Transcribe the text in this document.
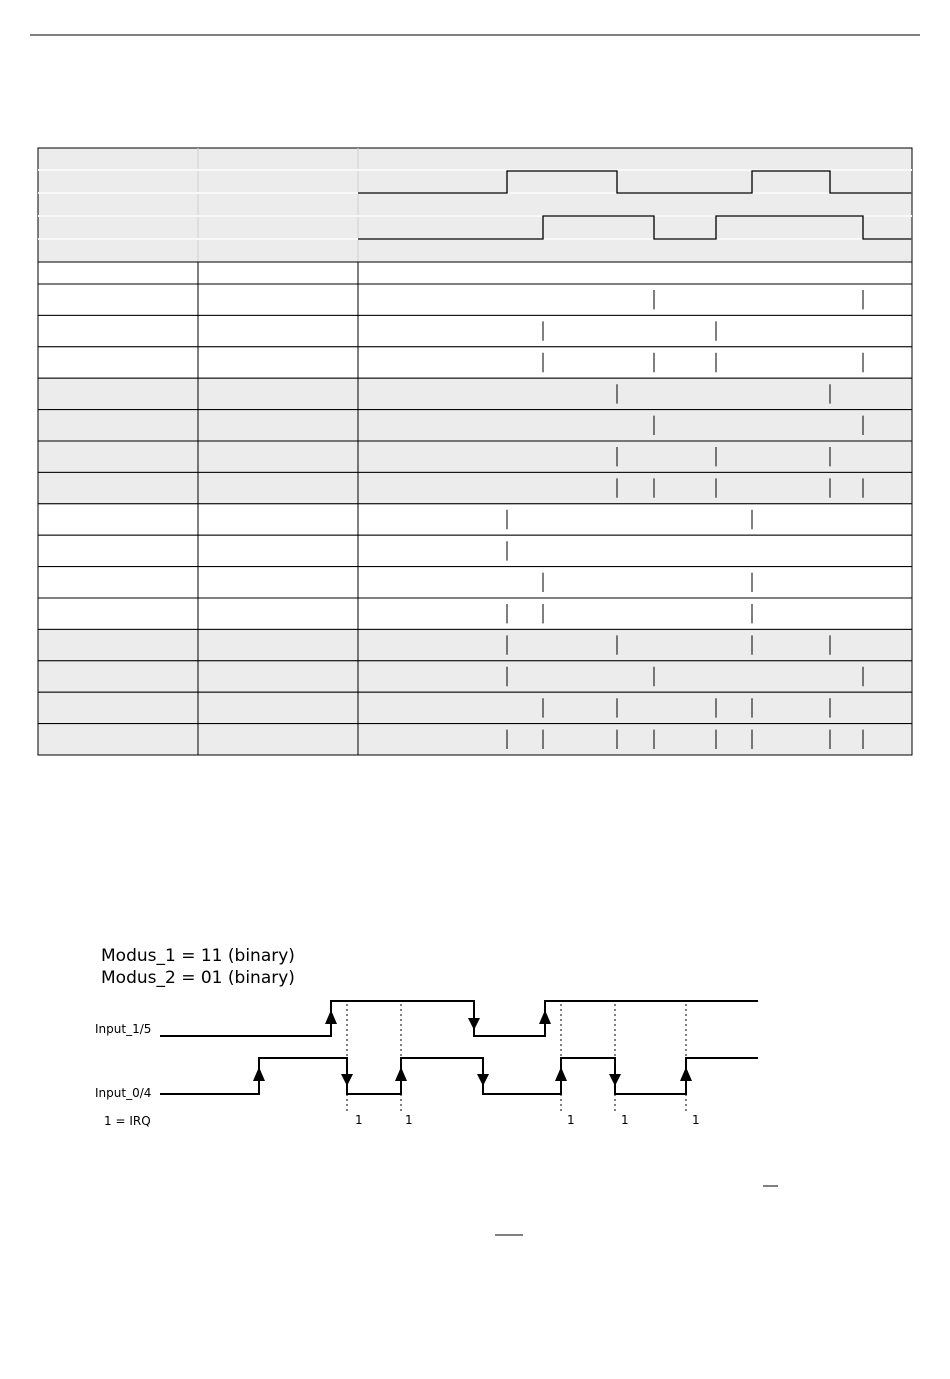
Modus_1 = 11 (binary)
Modus_2 = 01 (binary)
Input_1/5
Input_0/4
1 = IRQ	1	1	1	1	1
